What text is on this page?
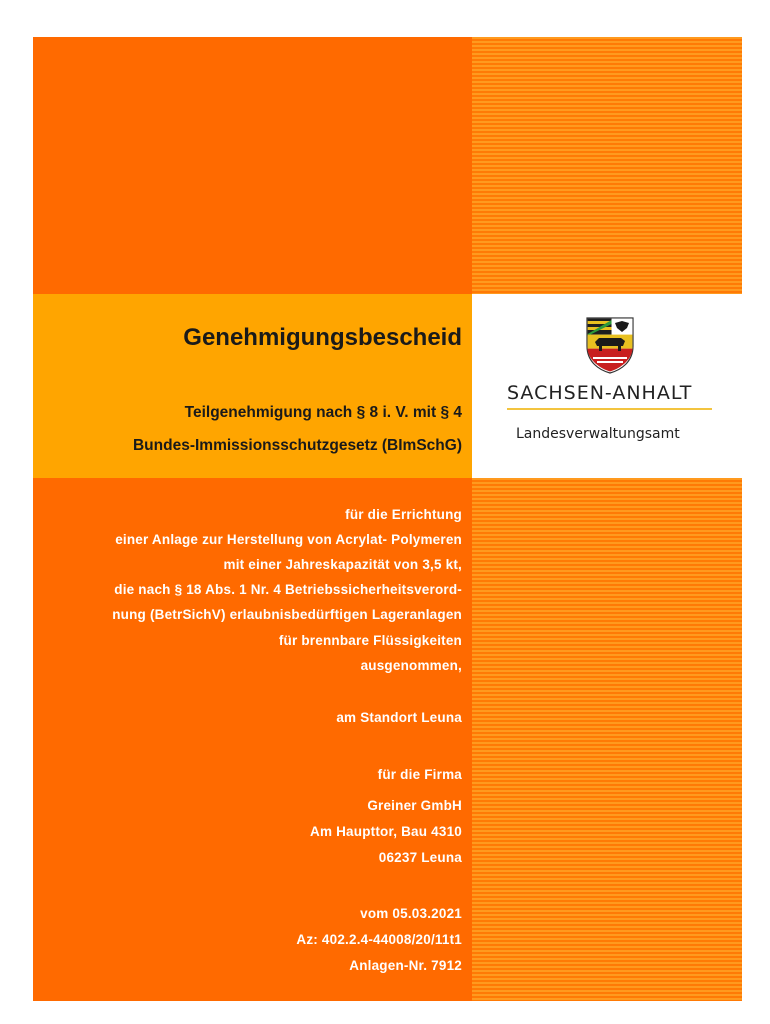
Genehmigungsbescheid
Teilgenehmigung nach § 8 i. V. mit § 4
Bundes-Immissionsschutzgesetz (BImSchG)
SACHSEN-ANHALT
Landesverwaltungsamt
für die Errichtung
einer Anlage zur Herstellung von Acrylat- Polymeren
mit einer Jahreskapazität von 3,5 kt,
die nach § 18 Abs. 1 Nr. 4 Betriebssicherheitsverord-
nung (BetrSichV) erlaubnisbedürftigen Lageranlagen
für brennbare Flüssigkeiten
ausgenommen,
am Standort Leuna
für die Firma
Greiner GmbH
Am Haupttor, Bau 4310
06237 Leuna
vom 05.03.2021
Az: 402.2.4-44008/20/11t1
Anlagen-Nr. 7912
